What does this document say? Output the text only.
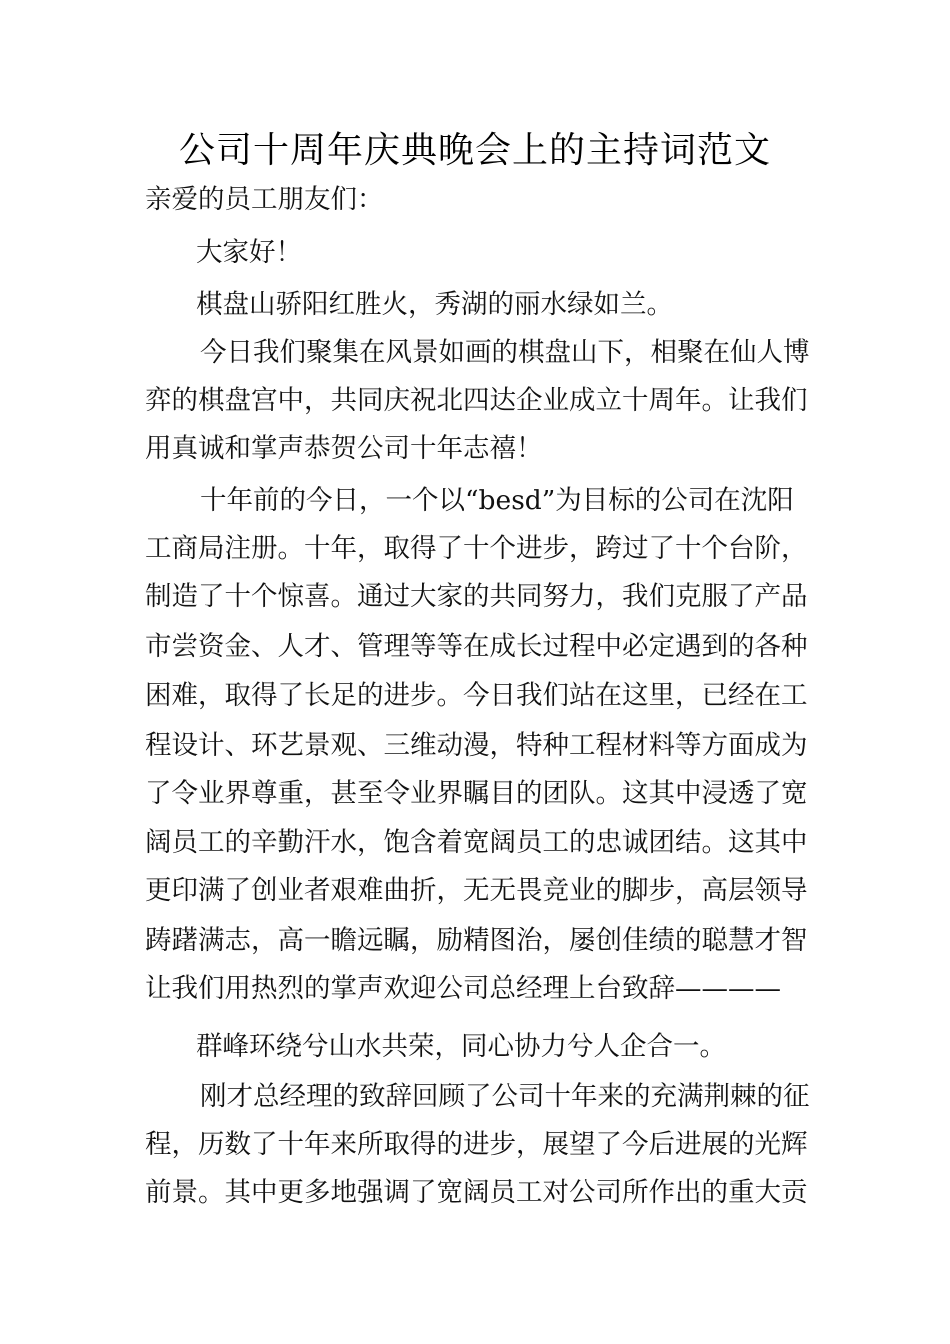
公司十周年庆典晚会上的主持词范文
亲爱的员工朋友们：
大家好！
棋盘山骄阳红胜火，秀湖的丽水绿如兰。
今日我们聚集在风景如画的棋盘山下，相聚在仙人博
弈的棋盘宫中，共同庆祝北四达企业成立十周年。让我们
用真诚和掌声恭贺公司十年志禧！
十年前的今日，一个以“besd”为目标的公司在沈阳
工商局注册。十年，取得了十个进步，跨过了十个台阶，
制造了十个惊喜。通过大家的共同努力，我们克服了产品
市尝资金、人才、管理等等在成长过程中必定遇到的各种
困难，取得了长足的进步。今日我们站在这里，已经在工
程设计、环艺景观、三维动漫，特种工程材料等方面成为
了令业界尊重，甚至令业界瞩目的团队。这其中浸透了宽
阔员工的辛勤汗水，饱含着宽阔员工的忠诚团结。这其中
更印满了创业者艰难曲折，无无畏竞业的脚步，高层领导
踌躇满志，高一瞻远瞩，励精图治，屡创佳绩的聪慧才智
让我们用热烈的掌声欢迎公司总经理上台致辞————
群峰环绕兮山水共荣，同心协力兮人企合一。
刚才总经理的致辞回顾了公司十年来的充满荆棘的征
程，历数了十年来所取得的进步，展望了今后进展的光辉
前景。其中更多地强调了宽阔员工对公司所作出的重大贡
